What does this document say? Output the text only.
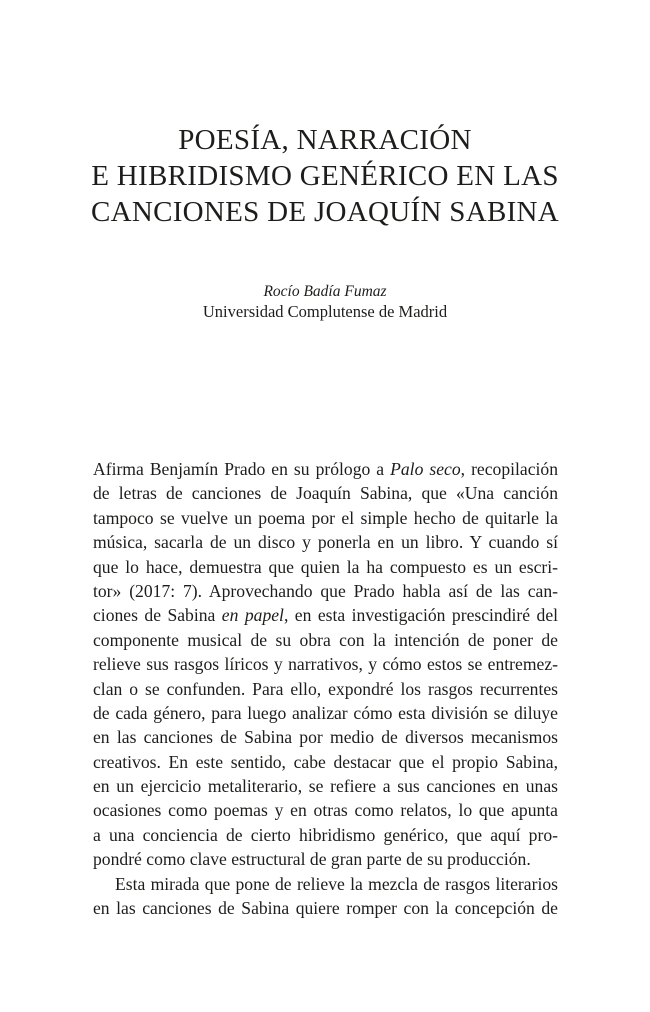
POESÍA, NARRACIÓN
E HIBRIDISMO GENÉRICO EN LAS
CANCIONES DE JOAQUÍN SABINA
Rocío Badía Fumaz
Universidad Complutense de Madrid
Afirma Benjamín Prado en su prólogo a Palo seco, recopilación
de letras de canciones de Joaquín Sabina, que «Una canción
tampoco se vuelve un poema por el simple hecho de quitarle la
música, sacarla de un disco y ponerla en un libro. Y cuando sí
que lo hace, demuestra que quien la ha compuesto es un escri-
tor» (2017: 7). Aprovechando que Prado habla así de las can-
ciones de Sabina en papel, en esta investigación prescindiré del
componente musical de su obra con la intención de poner de
relieve sus rasgos líricos y narrativos, y cómo estos se entremez-
clan o se confunden. Para ello, expondré los rasgos recurrentes
de cada género, para luego analizar cómo esta división se diluye
en las canciones de Sabina por medio de diversos mecanismos
creativos. En este sentido, cabe destacar que el propio Sabina,
en un ejercicio metaliterario, se refiere a sus canciones en unas
ocasiones como poemas y en otras como relatos, lo que apunta
a una conciencia de cierto hibridismo genérico, que aquí pro-
pondré como clave estructural de gran parte de su producción.
Esta mirada que pone de relieve la mezcla de rasgos literarios
en las canciones de Sabina quiere romper con la concepción de
